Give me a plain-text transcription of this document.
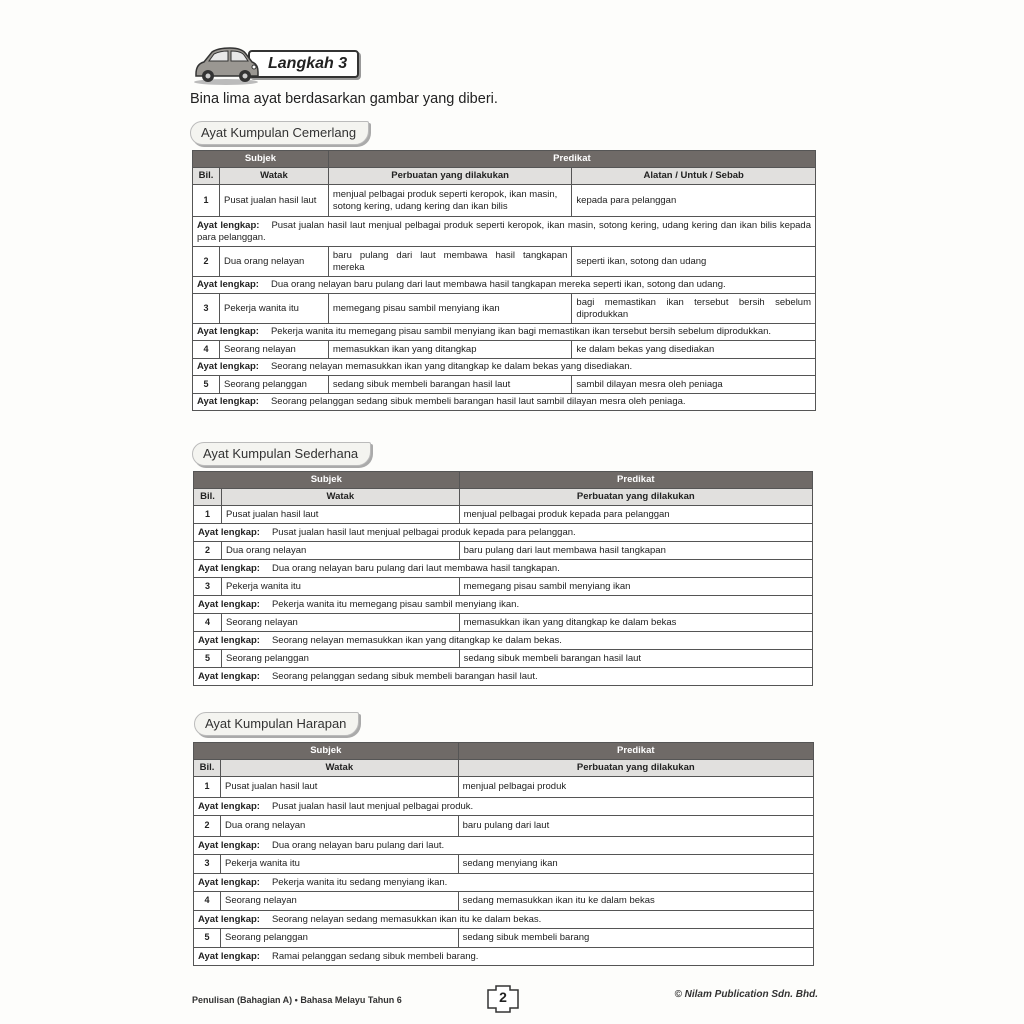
Langkah 3
Bina lima ayat berdasarkan gambar yang diberi.
Ayat Kumpulan Cemerlang
Subjek		Predikat	
Bil.	Watak	Perbuatan yang dilakukan	Alatan / Untuk / Sebab
1	Pusat jualan hasil laut	menjual pelbagai produk seperti keropok, ikan masin, sotong kering, udang kering dan ikan bilis	kepada para pelanggan
Ayat lengkap: Pusat jualan hasil laut menjual pelbagai produk seperti keropok, ikan masin, sotong kering, udang kering dan ikan bilis kepada para pelanggan.			
2	Dua orang nelayan	baru pulang dari laut membawa hasil tangkapan mereka	seperti ikan, sotong dan udang
Ayat lengkap: Dua orang nelayan baru pulang dari laut membawa hasil tangkapan mereka seperti ikan, sotong dan udang.			
3	Pekerja wanita itu	memegang pisau sambil menyiang ikan	bagi memastikan ikan tersebut bersih sebelum diprodukkan
Ayat lengkap: Pekerja wanita itu memegang pisau sambil menyiang ikan bagi memastikan ikan tersebut bersih sebelum diprodukkan.			
4	Seorang nelayan	memasukkan ikan yang ditangkap	ke dalam bekas yang disediakan
Ayat lengkap: Seorang nelayan memasukkan ikan yang ditangkap ke dalam bekas yang disediakan.			
5	Seorang pelanggan	sedang sibuk membeli barangan hasil laut	sambil dilayan mesra oleh peniaga
Ayat lengkap: Seorang pelanggan sedang sibuk membeli barangan hasil laut sambil dilayan mesra oleh peniaga.			
Ayat Kumpulan Sederhana
Subjek		Predikat
Bil.	Watak	Perbuatan yang dilakukan
1	Pusat jualan hasil laut	menjual pelbagai produk kepada para pelanggan
Ayat lengkap: Pusat jualan hasil laut menjual pelbagai produk kepada para pelanggan.		
2	Dua orang nelayan	baru pulang dari laut membawa hasil tangkapan
Ayat lengkap: Dua orang nelayan baru pulang dari laut membawa hasil tangkapan.		
3	Pekerja wanita itu	memegang pisau sambil menyiang ikan
Ayat lengkap: Pekerja wanita itu memegang pisau sambil menyiang ikan.		
4	Seorang nelayan	memasukkan ikan yang ditangkap ke dalam bekas
Ayat lengkap: Seorang nelayan memasukkan ikan yang ditangkap ke dalam bekas.		
5	Seorang pelanggan	sedang sibuk membeli barangan hasil laut
Ayat lengkap: Seorang pelanggan sedang sibuk membeli barangan hasil laut.		
Ayat Kumpulan Harapan
Subjek		Predikat
Bil.	Watak	Perbuatan yang dilakukan
1	Pusat jualan hasil laut	menjual pelbagai produk
Ayat lengkap: Pusat jualan hasil laut menjual pelbagai produk.		
2	Dua orang nelayan	baru pulang dari laut
Ayat lengkap: Dua orang nelayan baru pulang dari laut.		
3	Pekerja wanita itu	sedang menyiang ikan
Ayat lengkap: Pekerja wanita itu sedang menyiang ikan.		
4	Seorang nelayan	sedang memasukkan ikan itu ke dalam bekas
Ayat lengkap: Seorang nelayan sedang memasukkan ikan itu ke dalam bekas.		
5	Seorang pelanggan	sedang sibuk membeli barang
Ayat lengkap: Ramai pelanggan sedang sibuk membeli barang.		
Penulisan (Bahagian A) • Bahasa Melayu Tahun 6	2	© Nilam Publication Sdn. Bhd.
